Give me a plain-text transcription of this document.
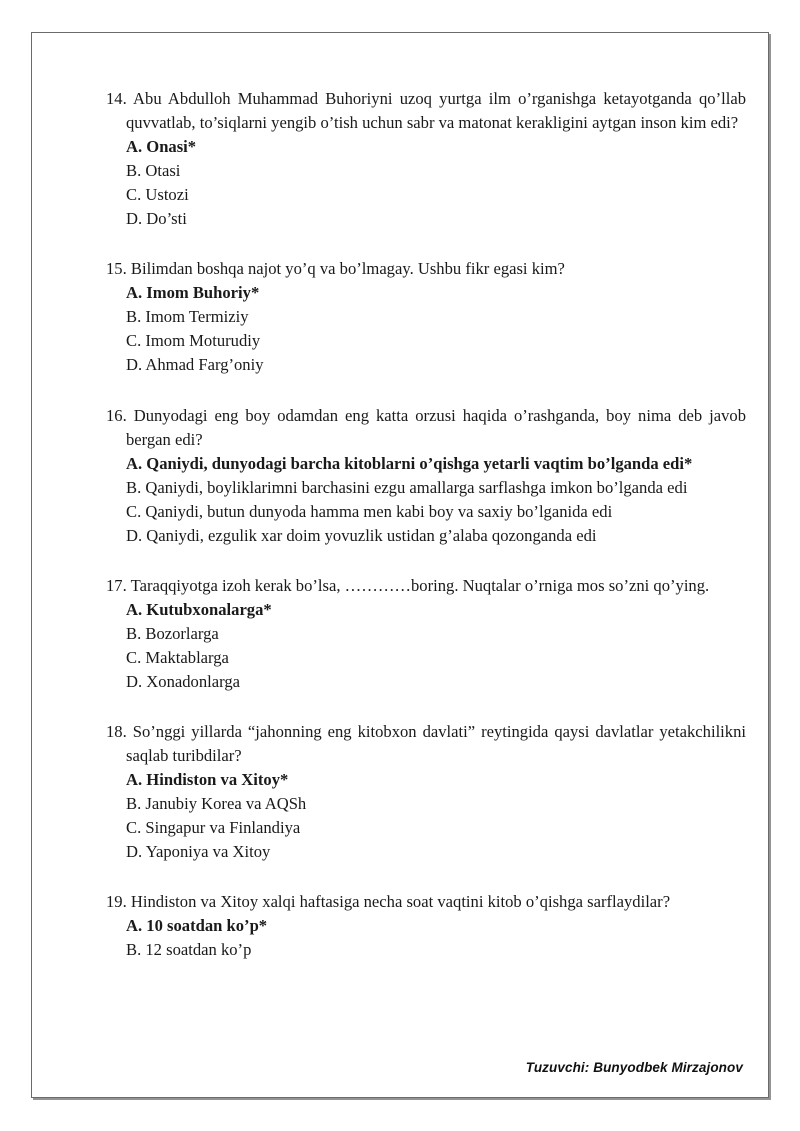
14. Abu Abdulloh Muhammad Buhoriyni uzoq yurtga ilm o’rganishga ketayotganda qo’llab quvvatlab, to’siqlarni yengib o’tish uchun sabr va matonat kerakligini aytgan inson kim edi?

A. Onasi*
B. Otasi
C. Ustozi
D. Do’sti

15. Bilimdan boshqa najot yo’q va bo’lmagay. Ushbu fikr egasi kim?

A. Imom Buhoriy*
B. Imom Termiziy
C. Imom Moturudiy
D. Ahmad Farg’oniy

16. Dunyodagi eng boy odamdan eng katta orzusi haqida o’rashganda, boy nima deb javob bergan edi?

A. Qaniydi, dunyodagi barcha kitoblarni o’qishga yetarli vaqtim bo’lganda edi*
B. Qaniydi, boyliklarimni barchasini ezgu amallarga sarflashga imkon bo’lganda edi
C. Qaniydi, butun dunyoda hamma men kabi boy va saxiy bo’lganida edi
D. Qaniydi, ezgulik xar doim yovuzlik ustidan g’alaba qozonganda edi

17. Taraqqiyotga izoh kerak bo’lsa, …………boring. Nuqtalar o’rniga mos so’zni qo’ying.

A. Kutubxonalarga*
B. Bozorlarga
C. Maktablarga
D. Xonadonlarga

18. So’nggi yillarda “jahonning eng kitobxon davlati” reytingida qaysi davlatlar yetakchilikni saqlab turibdilar?

A. Hindiston va Xitoy*
B. Janubiy Korea va AQSh
C. Singapur va Finlandiya
D. Yaponiya va Xitoy

19. Hindiston va Xitoy xalqi haftasiga necha soat vaqtini kitob o’qishga sarflaydilar?

A. 10 soatdan ko’p*
B. 12 soatdan ko’p
Tuzuvchi: Bunyodbek Mirzajonov
